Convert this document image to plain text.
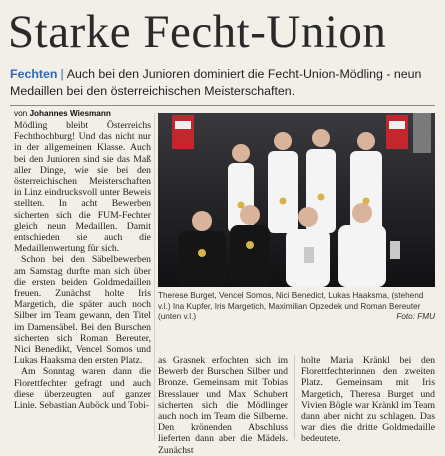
Starke Fecht-Union
Fechten | Auch bei den Junioren dominiert die Fecht-Union-Mödling - neun Medaillen bei den österreichischen Meisterschaften.
von Johannes Wiesmann

Mödling bleibt Österreichs Fechthochburg! Und das nicht nur in der allgemeinen Klasse. Auch bei den Junioren sind sie das Maß aller Dinge, wie sie bei den österreichischen Meisterschaften in Linz eindrucksvoll unter Beweis stellten. In acht Bewerben sicherten sich die FUM-Fechter gleich neun Medaillen. Damit entschieden sie auch die Medaillenwertung für sich.

Schon bei den Säbelbewerben am Samstag durfte man sich über die ersten beiden Goldmedaillen freuen. Zunächst holte Iris Margetich, die später auch noch Silber im Team gewann, den Titel im Damensäbel. Bei den Burschen sicherten sich Roman Bereuter, Nici Benedikt, Vencel Somos und Lukas Haaksma den ersten Platz.

Am Sonntag waren dann die Florettfechter gefragt und auch diese überzeugten auf ganzer Linie. Sebastian Auböck und Tobi-

Therese Burget, Vencel Somos, Nici Benedict, Lukas Haaksma, (stehend v.l.) Ina Kupfer, Iris Margetich, Maximilian Opzedek und Roman Bereuter (unten v.l.)	Foto: FMU

as Grasnek erfochten sich im Bewerb der Burschen Silber und Bronze. Gemeinsam mit Tobias Bresslauer und Max Schubert sicherten sich die Mödlinger auch noch im Team die Silberne. Den krönenden Abschluss lieferten dann aber die Mädels. Zunächst

holte Maria Kränkl bei den Florettfechterinnen den zweiten Platz. Gemeinsam mit Iris Margetich, Theresa Burget und Vivien Bögle war Kränkl im Team dann aber nicht zu schlagen. Das war dies die dritte Goldmedaille bedeutete.
